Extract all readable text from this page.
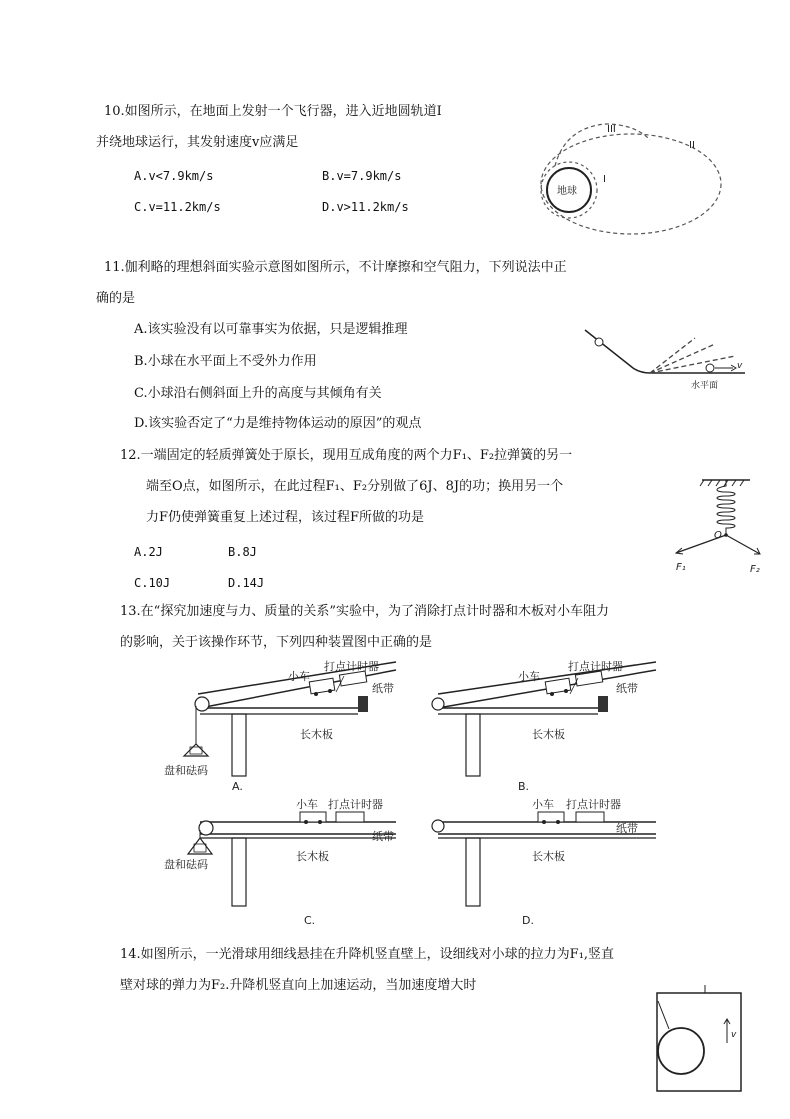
10.如图所示，在地面上发射一个飞行器，进入近地圆轨道Ⅰ
并绕地球运行，其发射速度v应满足
A.v<7.9km/s	B.v=7.9km/s
C.v=11.2km/s	D.v>11.2km/s
地球
I
II
III
11.伽利略的理想斜面实验示意图如图所示，不计摩擦和空气阻力，下列说法中正
确的是
A.该实验没有以可靠事实为依据，只是逻辑推理
B.小球在水平面上不受外力作用
C.小球沿右侧斜面上升的高度与其倾角有关
D.该实验否定了“力是维持物体运动的原因”的观点
v
水平面
12.一端固定的轻质弹簧处于原长，现用互成角度的两个力F₁、F₂拉弹簧的另一
端至O点，如图所示，在此过程F₁、F₂分别做了6J、8J的功；换用另一个
力F仍使弹簧重复上述过程，该过程F所做的功是
A.2J	B.8J
C.10J	D.14J
O
F₁	F₂
13.在“探究加速度与力、质量的关系”实验中，为了消除打点计时器和木板对小车阻力
的影响，关于该操作环节，下列四种装置图中正确的是
小车
打点计时器
纸带
长木板
盘和砝码
A.
小车
打点计时器
纸带
长木板
B.
小车 打点计时器
纸带
长木板
盘和砝码
C.
小车 打点计时器
纸带
长木板
D.
14.如图所示，一光滑球用细线悬挂在升降机竖直壁上，设细线对小球的拉力为F₁,竖直
壁对球的弹力为F₂.升降机竖直向上加速运动，当加速度增大时
v
